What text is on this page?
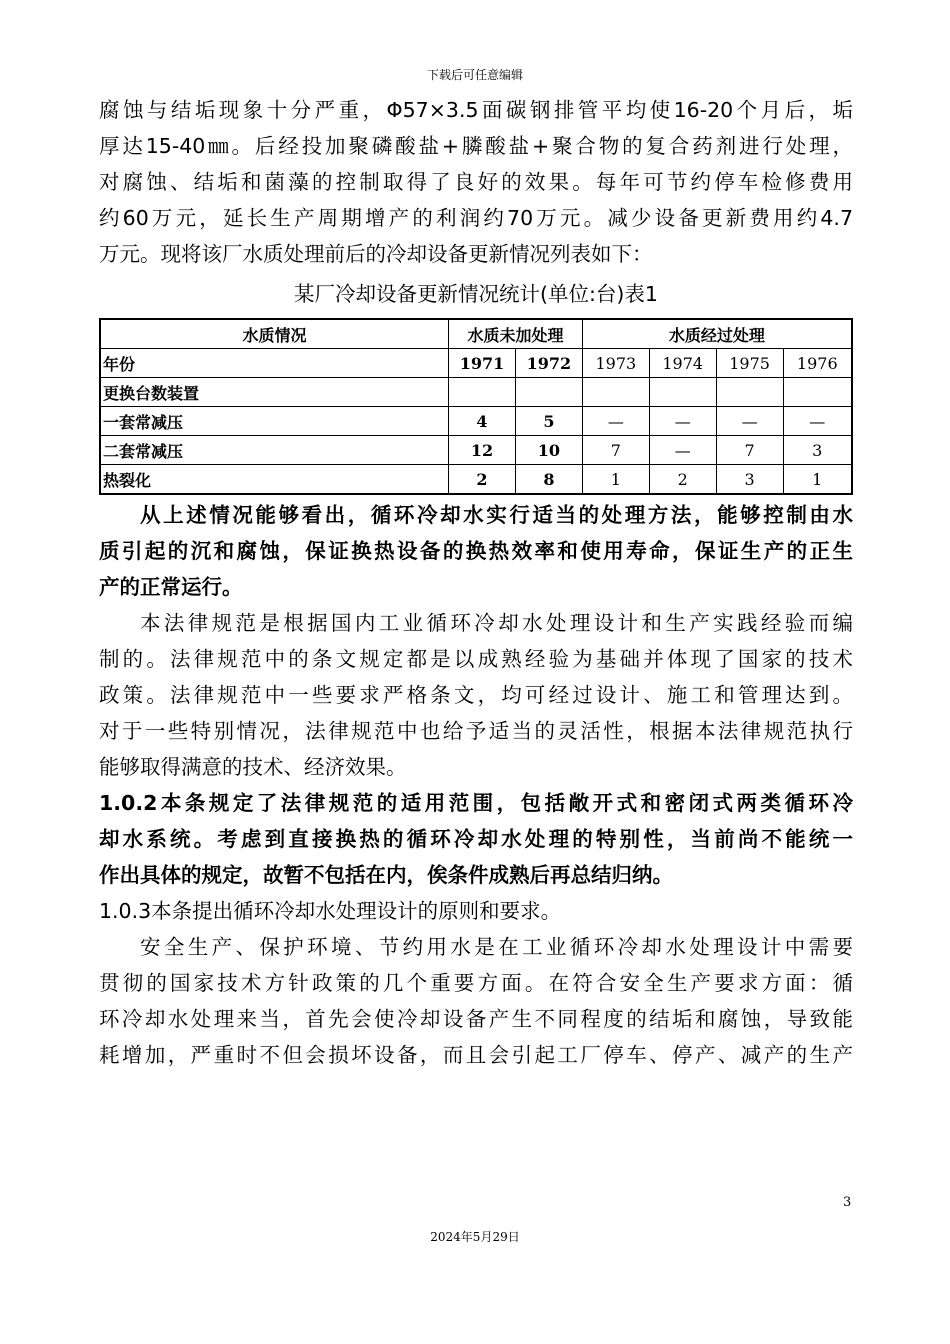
下载后可任意编辑
腐蚀与结垢现象十分严重，Φ57×3.5面碳钢排管平均使16-20个月后，垢
厚达15-40㎜。后经投加聚磷酸盐+膦酸盐+聚合物的复合药剂进行处理，
对腐蚀、结垢和菌藻的控制取得了良好的效果。每年可节约停车检修费用
约60万元，延长生产周期增产的利润约70万元。减少设备更新费用约4.7
万元。现将该厂水质处理前后的冷却设备更新情况列表如下：
某厂冷却设备更新情况统计(单位:台)表1
水质情况	水质未加处理		水质经过处理			
年份	1971	1972	1973	1974	1975	1976
更换台数装置						
一套常减压	4	5	—	—	—	—
二套常减压	12	10	7	—	7	3
热裂化	2	8	1	2	3	1
从上述情况能够看出，循环冷却水实行适当的处理方法，能够控制由水
质引起的沉和腐蚀，保证换热设备的换热效率和使用寿命，保证生产的正生
产的正常运行。
本法律规范是根据国内工业循环冷却水处理设计和生产实践经验而编
制的。法律规范中的条文规定都是以成熟经验为基础并体现了国家的技术
政策。法律规范中一些要求严格条文，均可经过设计、施工和管理达到。
对于一些特别情况，法律规范中也给予适当的灵活性，根据本法律规范执行
能够取得满意的技术、经济效果。
1.0.2本条规定了法律规范的适用范围，包括敞开式和密闭式两类循环冷
却水系统。考虑到直接换热的循环冷却水处理的特别性，当前尚不能统一
作出具体的规定，故暂不包括在内，俟条件成熟后再总结归纳。
1.0.3本条提出循环冷却水处理设计的原则和要求。
安全生产、保护环境、节约用水是在工业循环冷却水处理设计中需要
贯彻的国家技术方针政策的几个重要方面。在符合安全生产要求方面：循
环冷却水处理来当，首先会使冷却设备产生不同程度的结垢和腐蚀，导致能
耗增加，严重时不但会损坏设备，而且会引起工厂停车、停产、减产的生产
3
2024年5月29日
